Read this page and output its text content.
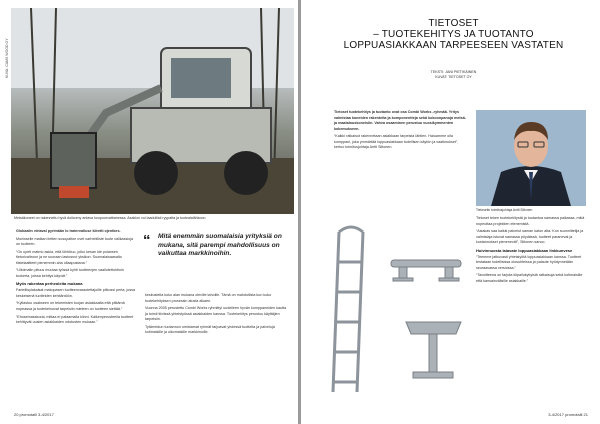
KUVA: CAMS WOOD OY
Metsäkoneet on rakennettu hyvä doilcomy antava koupourvatbanessa. Asaklon voi laadullisti ryypatta ja tuotealalähkoon.

Globaalin virtaval pyrimään lo tratervalluse kiiretti ojentkes.

Monisselle matkan iletten sosopaltoe ovet varhebiliste tuote valikassioja on tuotteen.

“On upeti matmo askia, että löhtötuo, joiko kesan ide polansen tietorivaltroon ja ne suoraan lastosnut yksikon. Suomalaisaasalto tiistelaaitteet pienemmin aha ollaapustana.”

“Ulioimatin pituus muutaa työssä kyhti tuotteenjen vaaliutettohtioin tuokerta, joissa kehitys käyvät.”

Myös rakentaa perheoleita mukana

Fartelitsylakalsat makopasen tuotteenvarautettajoille pitkossi perta, jossa keskeisenä tuotteiden kehitäntöön.

“Kyllastuu osakseen on tekemisten tuojan asiakkaalta että pitkämä nopeassa ja tuotekelnovat tarpeisiin mieleen on tuotteen siettää.”

“Ehosemasskoulu mittaa ei palaamalla kiinni. Kaikenperusteella tuotteet kehittyvät uusien asiakkaiden odotusten mukaan.”

“ Mitä enemmän suomalaisia yrityksiä on mukana, sitä parempi mahdollisuus on vaikuttaa markkinoihin.

keskustella koko alan mukana oleville tahoille. Tämä on mahdollista kun koko tuotekehityksen prosessin alusta alkaen.

Vuonna 2005 perustettu Combi Works ryhmittyi uudelleen hyvän kumppaneiden kautta ja toimii tiiviissä yhteistyössä asiakkaiden kanssa. Tuotekehitys perustuu käyttäjien tarpeisiin.

Tytärreidun tuotannon omistamat ryhmät tarjoavat yhdessä tuotteita ja palveluja kotimaisille ja ulkomaisille markkinoille.

20 promotalli 3-4/2017
TIETOSET
– TUOTEKEHITYS JA TUOTANTO
LOPPUASIAKKAAN TARPEESEEN VASTATEN
TEKSTI: JANI PIETIKÄINEN
KUVAT: TIETOSET OY

Tietoset tuotekehitys ja tuotanto ovat osa Combi Works -ryhmää. Yritys valmistaa koneiden rakenteita ja komponentteja sekä kokoonpanoja metsä- ja maatalouskoneisiin. Vahva osaaminen perustuu vuosikymmenten kokemukseen.

“Kaikki ratkaisut rakennetaan asiakkaan tarpeista lähtien. Haluamme olla kumppani, joka ymmärtää loppuasiakkaan todellisen käytön ja vaatimukset”, kertoo toimitusjohtaja Antti Siitonen.

Tietosetin toimitusjohtaja Antti Siitonen

Tietoset tekee tuotekehitystä ja tuotantoa samassa paikassa, mikä nopeuttaa projektien etenemistä.

“Asiakas saa kaikki palvelut saman katon alta. Kun suunnittelija ja valmistaja istuvat samassa pöydässä, tuotteet paranevat ja kustannukset pienenevät”, Siitonen sanoo.

Huivinnuosta laiavate loppuasiakkaan linkkunvese

“Teemme jatkuvasti yhteistyötä loppuasiakkaan kanssa. Tuotteet testataan todellisissa olosuhteissa ja palaute hyödynnetään seuraavassa versiossa.”

“Tavoitteena on tarjota kilpailukykyisiä ratkaisuja sekä kotimaisille että kansainvälisille asiakkaille.”

3-4/2017 promotalli 21
